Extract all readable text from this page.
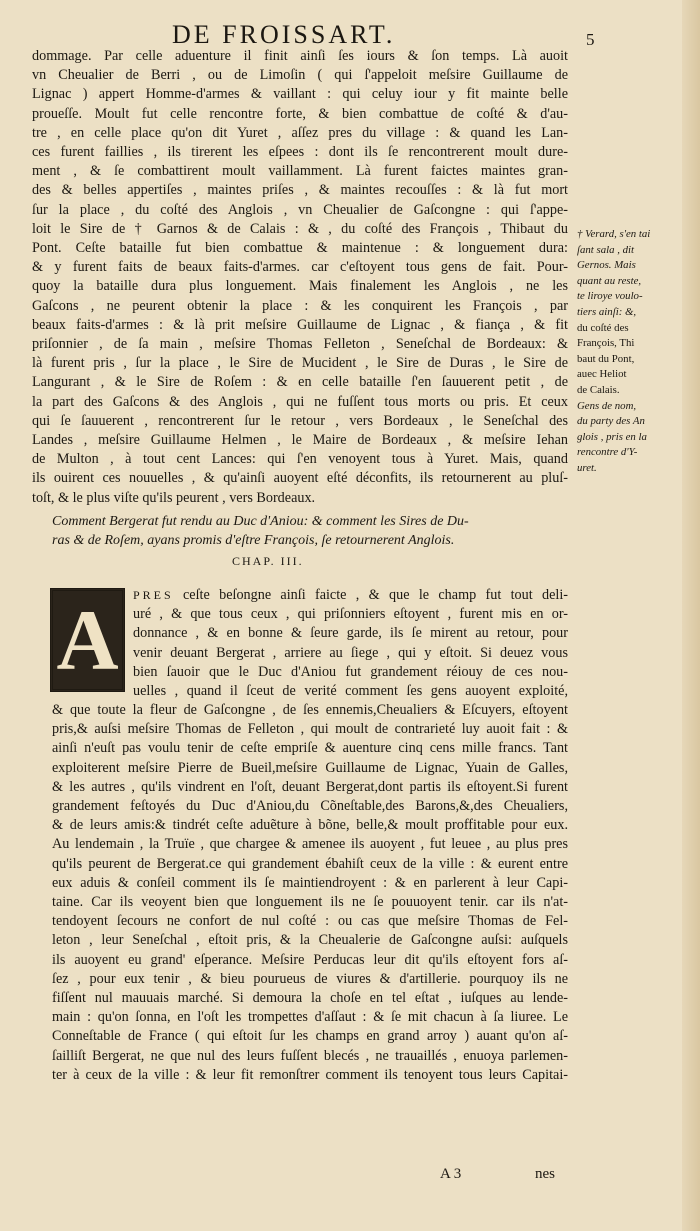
DE FROISSART.	5
dommage. Par celle aduenture il finit ainſi ſes iours & ſon temps. Là auoit
vn Cheualier de Berri , ou de Limoſin ( qui ſ'appeloit meſsire Guillaume de
Lignac ) appert Homme-d'armes & vaillant : qui celuy iour y fit mainte belle
proueſſe. Moult fut celle rencontre forte, & bien combattue de coſté & d'au-
tre , en celle place qu'on dit Yuret , aſſez pres du village : & quand les Lan-
ces furent faillies , ils tirerent les eſpees : dont ils ſe rencontrerent moult dure-
ment , & ſe combattirent moult vaillamment. Là furent faictes maintes gran-
des & belles appertiſes , maintes priſes , & maintes recouſſes : & là fut mort
ſur la place , du coſté des Anglois , vn Cheualier de Gaſcongne : qui ſ'appe-
loit le Sire de † Garnos & de Calais : & , du coſté des François , Thibaut du
Pont. Ceſte bataille fut bien combattue & maintenue : & longuement dura:
& y furent faits de beaux faits-d'armes. car c'eſtoyent tous gens de fait. Pour-
quoy la bataille dura plus longuement. Mais finalement les Anglois , ne les
Gaſcons , ne peurent obtenir la place : & les conquirent les François , par
beaux faits-d'armes : & là prit meſsire Guillaume de Lignac , & fiança , & fit
priſonnier , de ſa main , meſsire Thomas Felleton , Seneſchal de Bordeaux: &
là furent pris , ſur la place , le Sire de Mucident , le Sire de Duras , le Sire de
Langurant , & le Sire de Roſem : & en celle bataille ſ'en ſauuerent petit , de
la part des Gaſcons & des Anglois , qui ne fuſſent tous morts ou pris. Et ceux
qui ſe ſauuerent , rencontrerent ſur le retour , vers Bordeaux , le Seneſchal des
Landes , meſsire Guillaume Helmen , le Maire de Bordeaux , & meſsire Iehan
de Multon , à tout cent Lances: qui ſ'en venoyent tous à Yuret. Mais, quand
ils ouirent ces nouuelles , & qu'ainſi auoyent eſté déconfits, ils retournerent au pluſ-
toſt, & le plus viſte qu'ils peurent , vers Bordeaux.
† Verard, s'en tai
ſant sala , dit
Gernos. Mais
quant au reste,
te liroye voulo-
tiers ainſi: &,
du coſté des
François, Thi
baut du Pont,
auec Heliot
de Calais.
Gens de nom,
du party des An
glois , pris en la
rencontre d'Y-
uret.
Comment Bergerat fut rendu au Duc d'Aniou: & comment les Sires de Du-
ras & de Roſem, ayans promis d'eſtre François, ſe retournerent Anglois.
CHAP. III.
A PRES ceſte beſongne ainſi faicte , & que le champ fut tout deli-
uré , & que tous ceux , qui priſonniers eſtoyent , furent mis en or-
donnance , & en bonne & ſeure garde, ils ſe mirent au retour, pour
venir deuant Bergerat , arriere au ſiege , qui y eſtoit. Si deuez vous
bien ſauoir que le Duc d'Aniou fut grandement réiouy de ces nou-
uelles , quand il ſceut de verité comment ſes gens auoyent exploité,
& que toute la fleur de Gaſcongne , de ſes ennemis,Cheualiers & Eſcuyers, eſtoyent
pris,& auſsi meſsire Thomas de Felleton , qui moult de contrarieté luy auoit fait : &
ainſi n'euſt pas voulu tenir de ceſte empriſe & auenture cinq cens mille francs. Tant
exploiterent meſsire Pierre de Bueil,meſsire Guillaume de Lignac, Yuain de Galles,
& les autres , qu'ils vindrent en l'oſt, deuant Bergerat,dont partis ils eſtoyent.Si furent
grandement feſtoyés du Duc d'Aniou,du Cõneſtable,des Barons,&,des Cheualiers,
& de leurs amis:& tindrét ceſte aduẽture à bõne, belle,& moult proffitable pour eux.
Au lendemain , la Truïe , que chargee & amenee ils auoyent , fut leuee , au plus pres
qu'ils peurent de Bergerat.ce qui grandement ébahiſt ceux de la ville : & eurent entre
eux aduis & conſeil comment ils ſe maintiendroyent : & en parlerent à leur Capi-
taine. Car ils veoyent bien que longuement ils ne ſe pouuoyent tenir. car ils n'at-
tendoyent ſecours ne confort de nul coſté : ou cas que meſsire Thomas de Fel-
leton , leur Seneſchal , eſtoit pris, & la Cheualerie de Gaſcongne auſsi: auſquels
ils auoyent eu grand' eſperance. Meſsire Perducas leur dit qu'ils eſtoyent fors aſ-
ſez , pour eux tenir , & bieu pourueus de viures & d'artillerie. pourquoy ils ne
fiſſent nul mauuais marché. Si demoura la choſe en tel eſtat , iuſques au lende-
main : qu'on ſonna, en l'oſt les trompettes d'aſſaut : & ſe mit chacun à ſa liuree. Le
Conneſtable de France ( qui eſtoit ſur les champs en grand arroy ) auant qu'on aſ-
ſailliſt Bergerat, ne que nul des leurs fuſſent bleсés , ne trauaillés , enuoya parlemen-
ter à ceux de la ville : & leur fit remonſtrer comment ils tenoyent tous leurs Capitai-
A 3	nes
